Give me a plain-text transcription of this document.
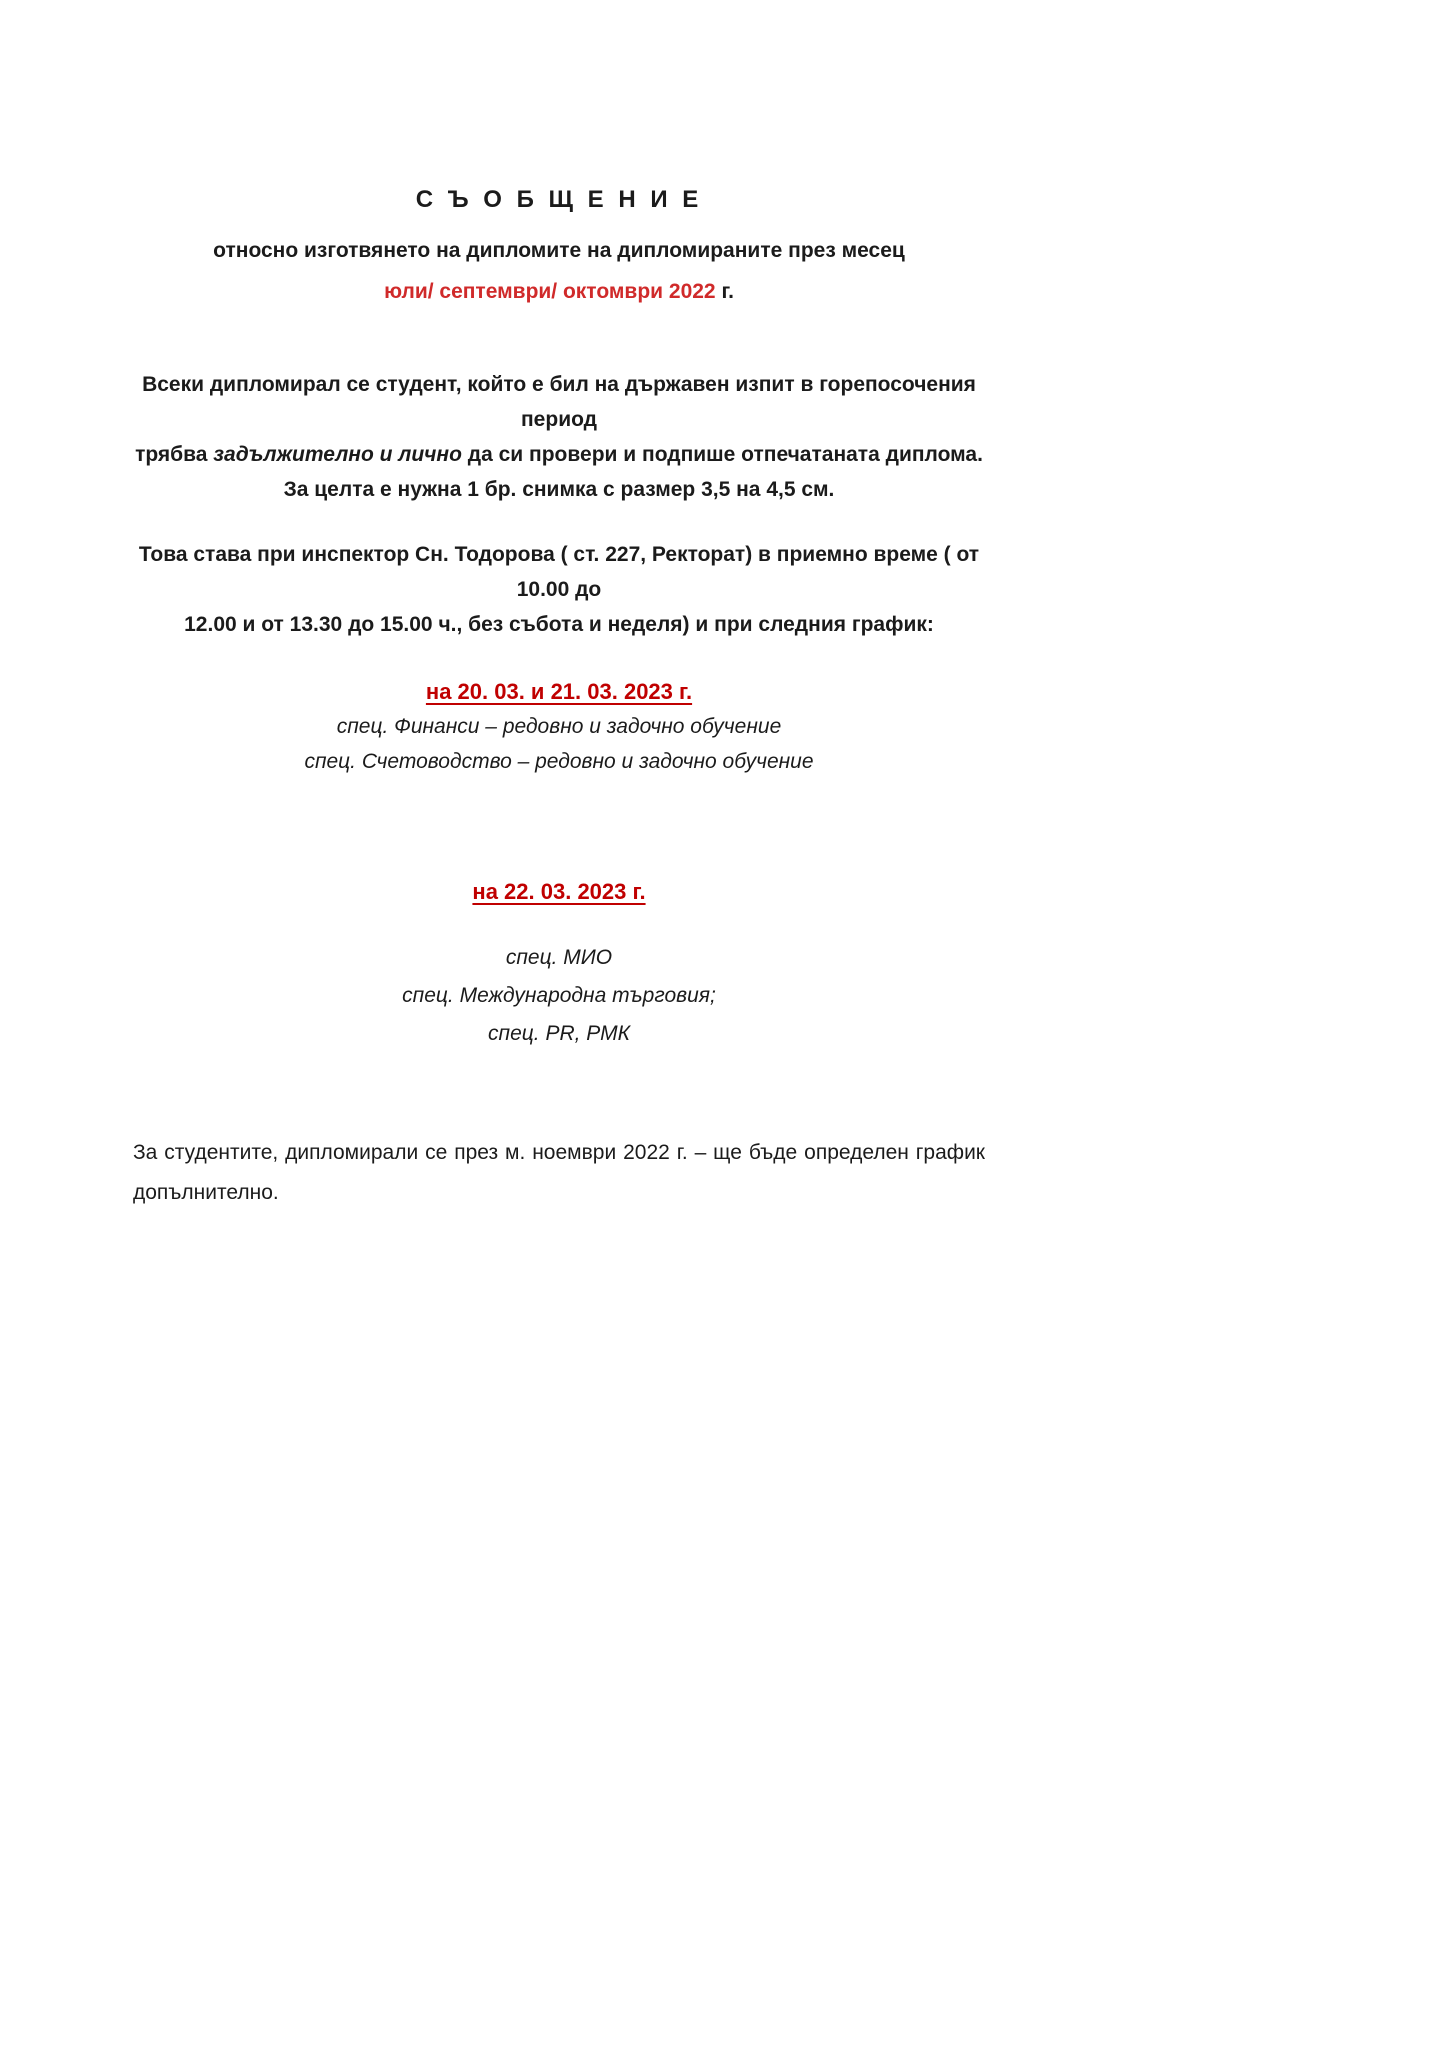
С Ъ О Б Щ Е Н И Е
относно изготвянето на дипломите на дипломираните през месец
юли/ септември/ октомври 2022 г.
Всеки дипломирал се студент, който е бил на държавен изпит в горепосочения период
трябва задължително и лично да си провери и подпише отпечатаната диплома.
За целта е нужна 1 бр. снимка с размер 3,5 на 4,5 см.
Това става при инспектор Сн. Тодорова ( ст. 227, Ректорат) в приемно време ( от 10.00 до
12.00 и от 13.30 до 15.00 ч., без събота и неделя) и при следния график:
на 20. 03. и 21. 03. 2023 г.
спец. Финанси – редовно и задочно обучение
спец. Счетоводство – редовно и задочно обучение
на 22. 03. 2023 г.
спец. МИО
спец. Международна търговия;
спец. PR, РМК
За студентите, дипломирали се през м. ноември 2022 г. – ще бъде определен график допълнително.
